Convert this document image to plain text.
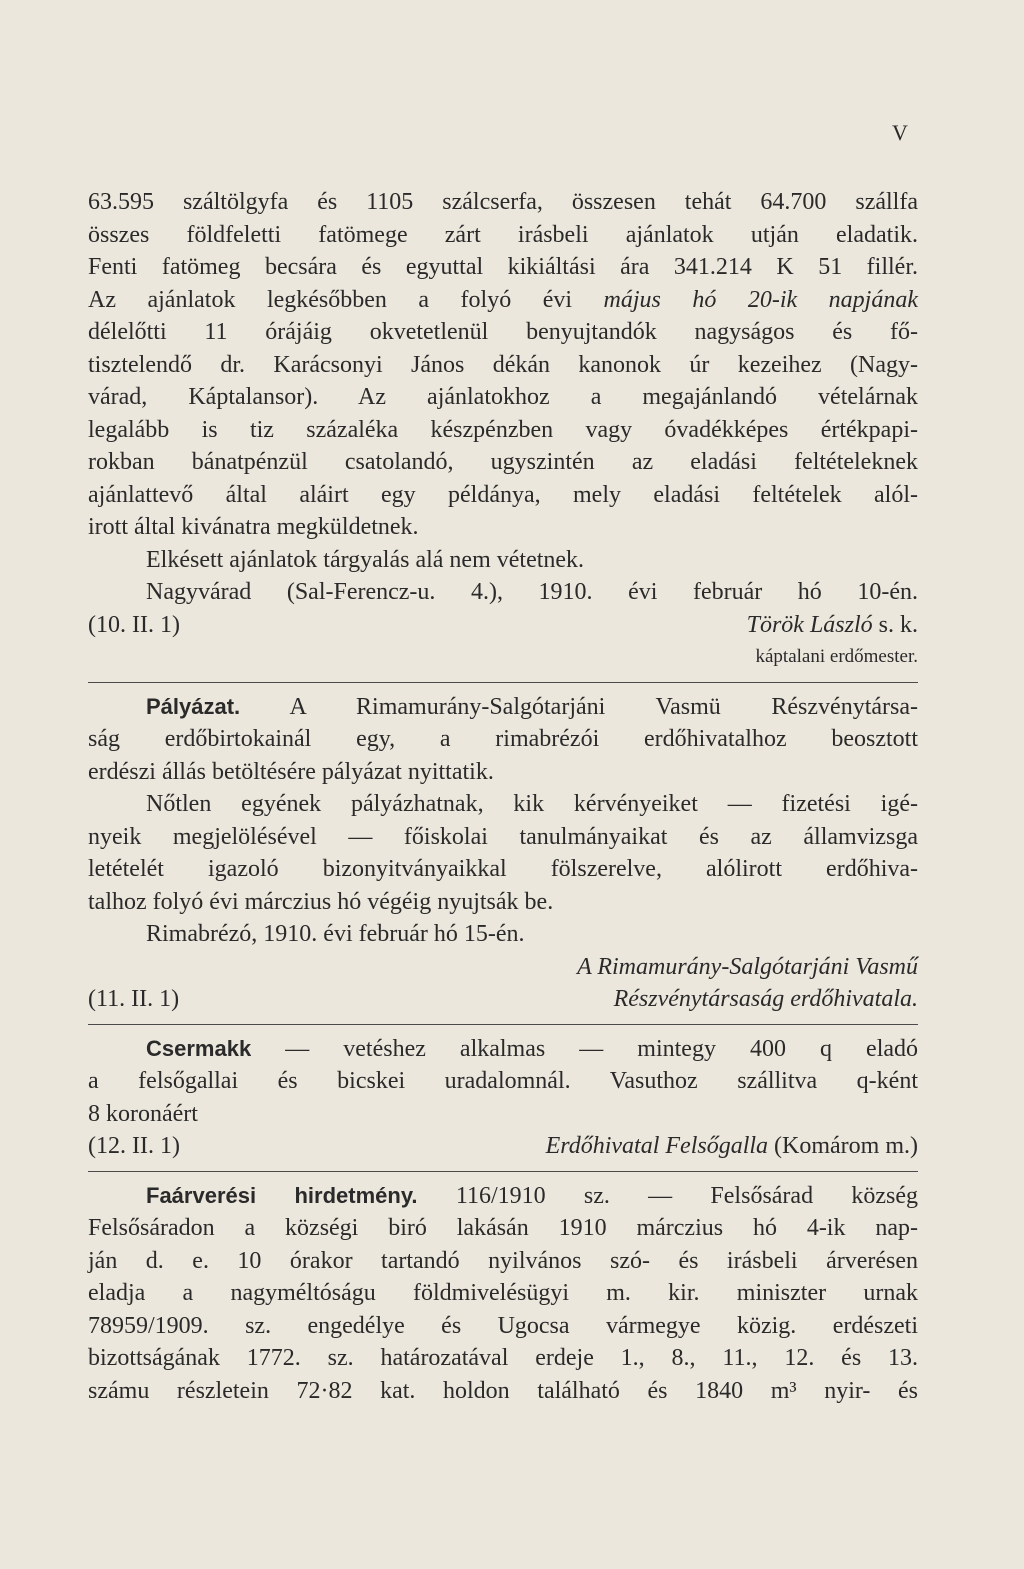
V
63.595 száltölgyfa és 1105 szálcserfa, összesen tehát 64.700 szállfa
összes földfeletti fatömege zárt irásbeli ajánlatok utján eladatik.
Fenti fatömeg becsára és egyuttal kikiáltási ára 341.214 K 51 fillér.
Az ajánlatok legkésőbben a folyó évi május hó 20-ik napjának
délelőtti 11 órájáig okvetetlenül benyujtandók nagyságos és fő-
tisztelendő dr. Karácsonyi János dékán kanonok úr kezeihez (Nagy-
várad, Káptalansor). Az ajánlatokhoz a megajánlandó vételárnak
legalább is tiz százaléka készpénzben vagy óvadékképes értékpapi-
rokban bánatpénzül csatolandó, ugyszintén az eladási feltételeknek
ajánlattevő által aláirt egy példánya, mely eladási feltételek alól-
irott által kivánatra megküldetnek.
Elkésett ajánlatok tárgyalás alá nem vétetnek.
Nagyvárad (Sal-Ferencz-u. 4.), 1910. évi február hó 10-én.
(10. II. 1)	Török László s. k.
káptalani erdőmester.
Pályázat. A Rimamurány-Salgótarjáni Vasmü Részvénytársa-
ság erdőbirtokainál egy, a rimabrézói erdőhivatalhoz beosztott
erdészi állás betöltésére pályázat nyittatik.
Nőtlen egyének pályázhatnak, kik kérvényeiket — fizetési igé-
nyeik megjelölésével — főiskolai tanulmányaikat és az államvizsga
letételét igazoló bizonyitványaikkal fölszerelve, alólirott erdőhiva-
talhoz folyó évi márczius hó végéig nyujtsák be.
Rimabrézó, 1910. évi február hó 15-én.
A Rimamurány-Salgótarjáni Vasmű
(11. II. 1)	Részvénytársaság erdőhivatala.
Csermakk — vetéshez alkalmas — mintegy 400 q eladó
a felsőgallai és bicskei uradalomnál. Vasuthoz szállitva q-ként
8 koronáért
(12. II. 1)	Erdőhivatal Felsőgalla (Komárom m.)
Faárverési hirdetmény. 116/1910 sz. — Felsősárad község
Felsősáradon a községi biró lakásán 1910 márczius hó 4-ik nap-
ján d. e. 10 órakor tartandó nyilvános szó- és irásbeli árverésen
eladja a nagyméltóságu földmivelésügyi m. kir. miniszter urnak
78959/1909. sz. engedélye és Ugocsa vármegye közig. erdészeti
bizottságának 1772. sz. határozatával erdeje 1., 8., 11., 12. és 13.
számu részletein 72·82 kat. holdon található és 1840 m³ nyir- és
